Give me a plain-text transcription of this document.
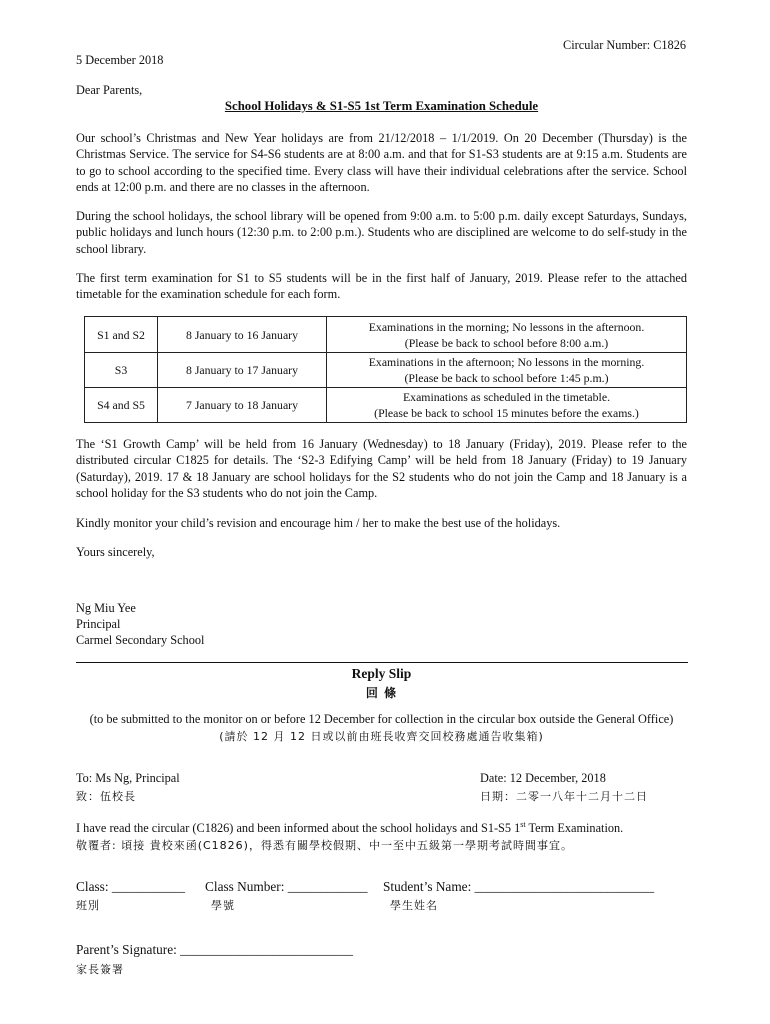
Circular Number: C1826
5 December 2018
Dear Parents,
School Holidays & S1-S5 1st Term Examination Schedule
Our school’s Christmas and New Year holidays are from 21/12/2018 – 1/1/2019. On 20 December (Thursday) is the Christmas Service. The service for S4-S6 students are at 8:00 a.m. and that for S1-S3 students are at 9:15 a.m. Students are to go to school according to the specified time. Every class will have their individual celebrations after the service. School ends at 12:00 p.m. and there are no classes in the afternoon.
During the school holidays, the school library will be opened from 9:00 a.m. to 5:00 p.m. daily except Saturdays, Sundays, public holidays and lunch hours (12:30 p.m. to 2:00 p.m.). Students who are disciplined are welcome to do self-study in the school library.
The first term examination for S1 to S5 students will be in the first half of January, 2019. Please refer to the attached timetable for the examination schedule for each form.
S1 and S2	8 January to 16 January	Examinations in the morning; No lessons in the afternoon.
(Please be back to school before 8:00 a.m.)

S3	8 January to 17 January	Examinations in the afternoon; No lessons in the morning.
(Please be back to school before 1:45 p.m.)

S4 and S5	7 January to 18 January	Examinations as scheduled in the timetable.
(Please be back to school 15 minutes before the exams.)
The ‘S1 Growth Camp’ will be held from 16 January (Wednesday) to 18 January (Friday), 2019. Please refer to the distributed circular C1825 for details. The ‘S2-3 Edifying Camp’ will be held from 18 January (Friday) to 19 January (Saturday), 2019. 17 & 18 January are school holidays for the S2 students who do not join the Camp and 18 January is a school holiday for the S3 students who do not join the Camp.
Kindly monitor your child’s revision and encourage him / her to make the best use of the holidays.
Yours sincerely,
Ng Miu Yee
Principal
Carmel Secondary School
Reply Slip
回 條
(to be submitted to the monitor on or before 12 December for collection in the circular box outside the General Office)
(請於 12 月 12 日或以前由班長收齊交回校務處通告收集箱)
To: Ms Ng, Principal
致：伍校長
Date: 12 December, 2018
日期：二零一八年十二月十二日
I have read the circular (C1826) and been informed about the school holidays and S1-S5 1st Term Examination.
敬覆者: 頃接 貴校來函(C1826)，得悉有關學校假期、中一至中五級第一學期考試時間事宜。
Class: ___________
班別
Class Number: ____________
學號
Student’s Name: ___________________________
學生姓名
Parent’s Signature: __________________________
家長簽署
